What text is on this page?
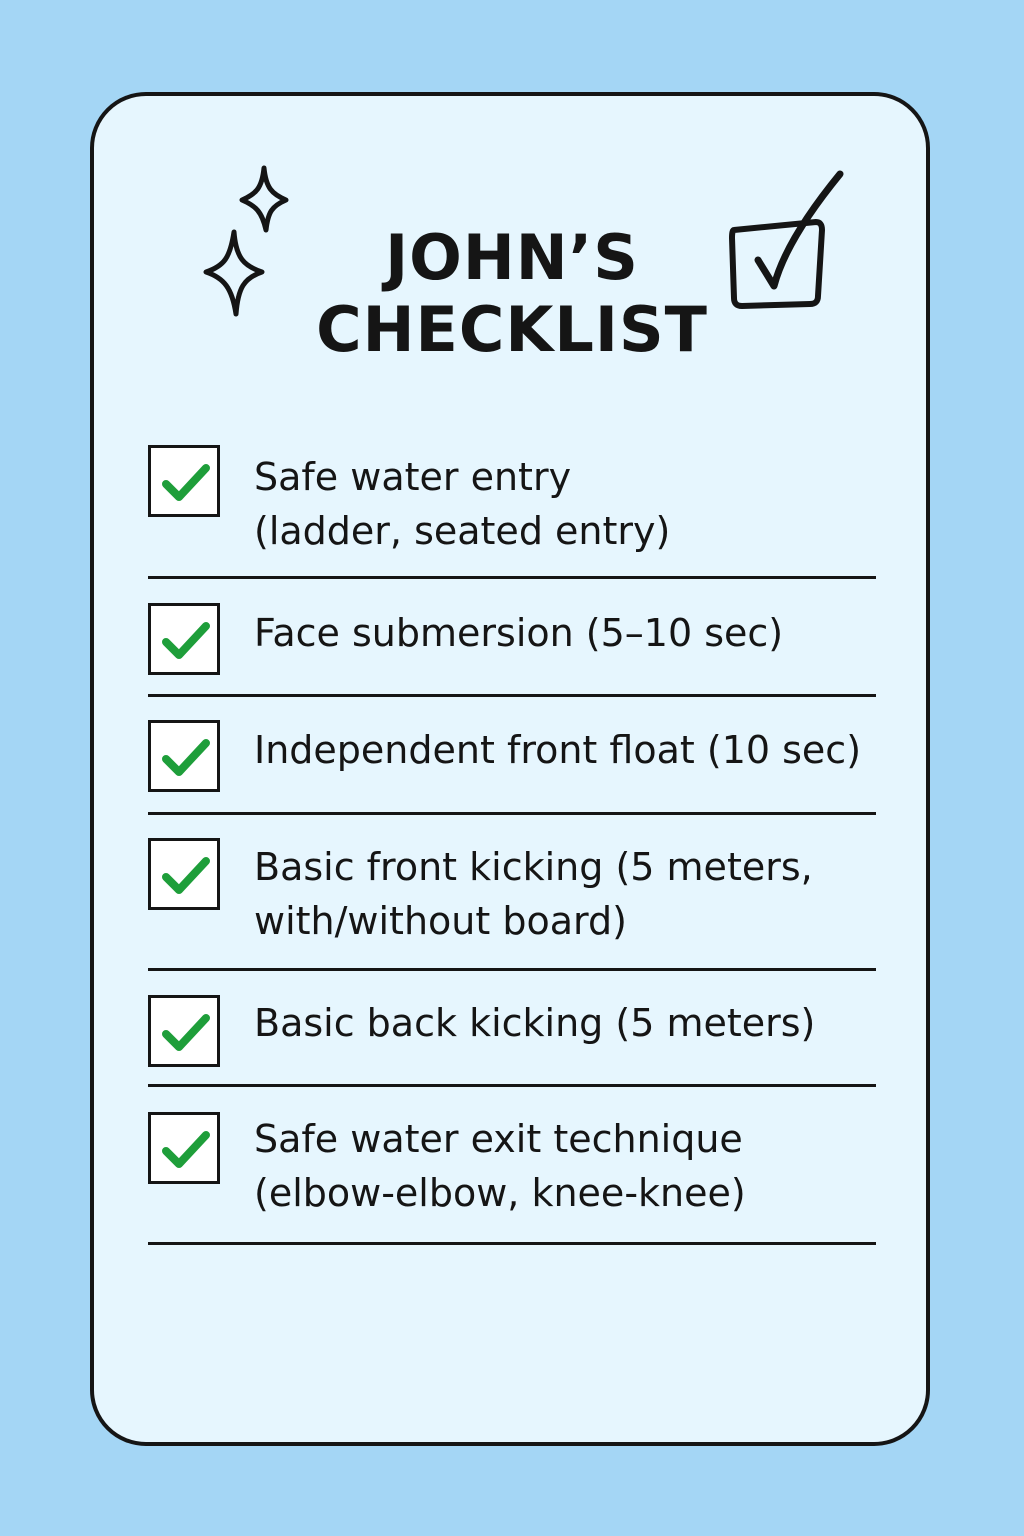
JOHN’S
CHECKLIST
Safe water entry
(ladder, seated entry)
Face submersion (5–10 sec)
Independent front float (10 sec)
Basic front kicking (5 meters,
with/without board)
Basic back kicking (5 meters)
Safe water exit technique
(elbow-elbow, knee-knee)
